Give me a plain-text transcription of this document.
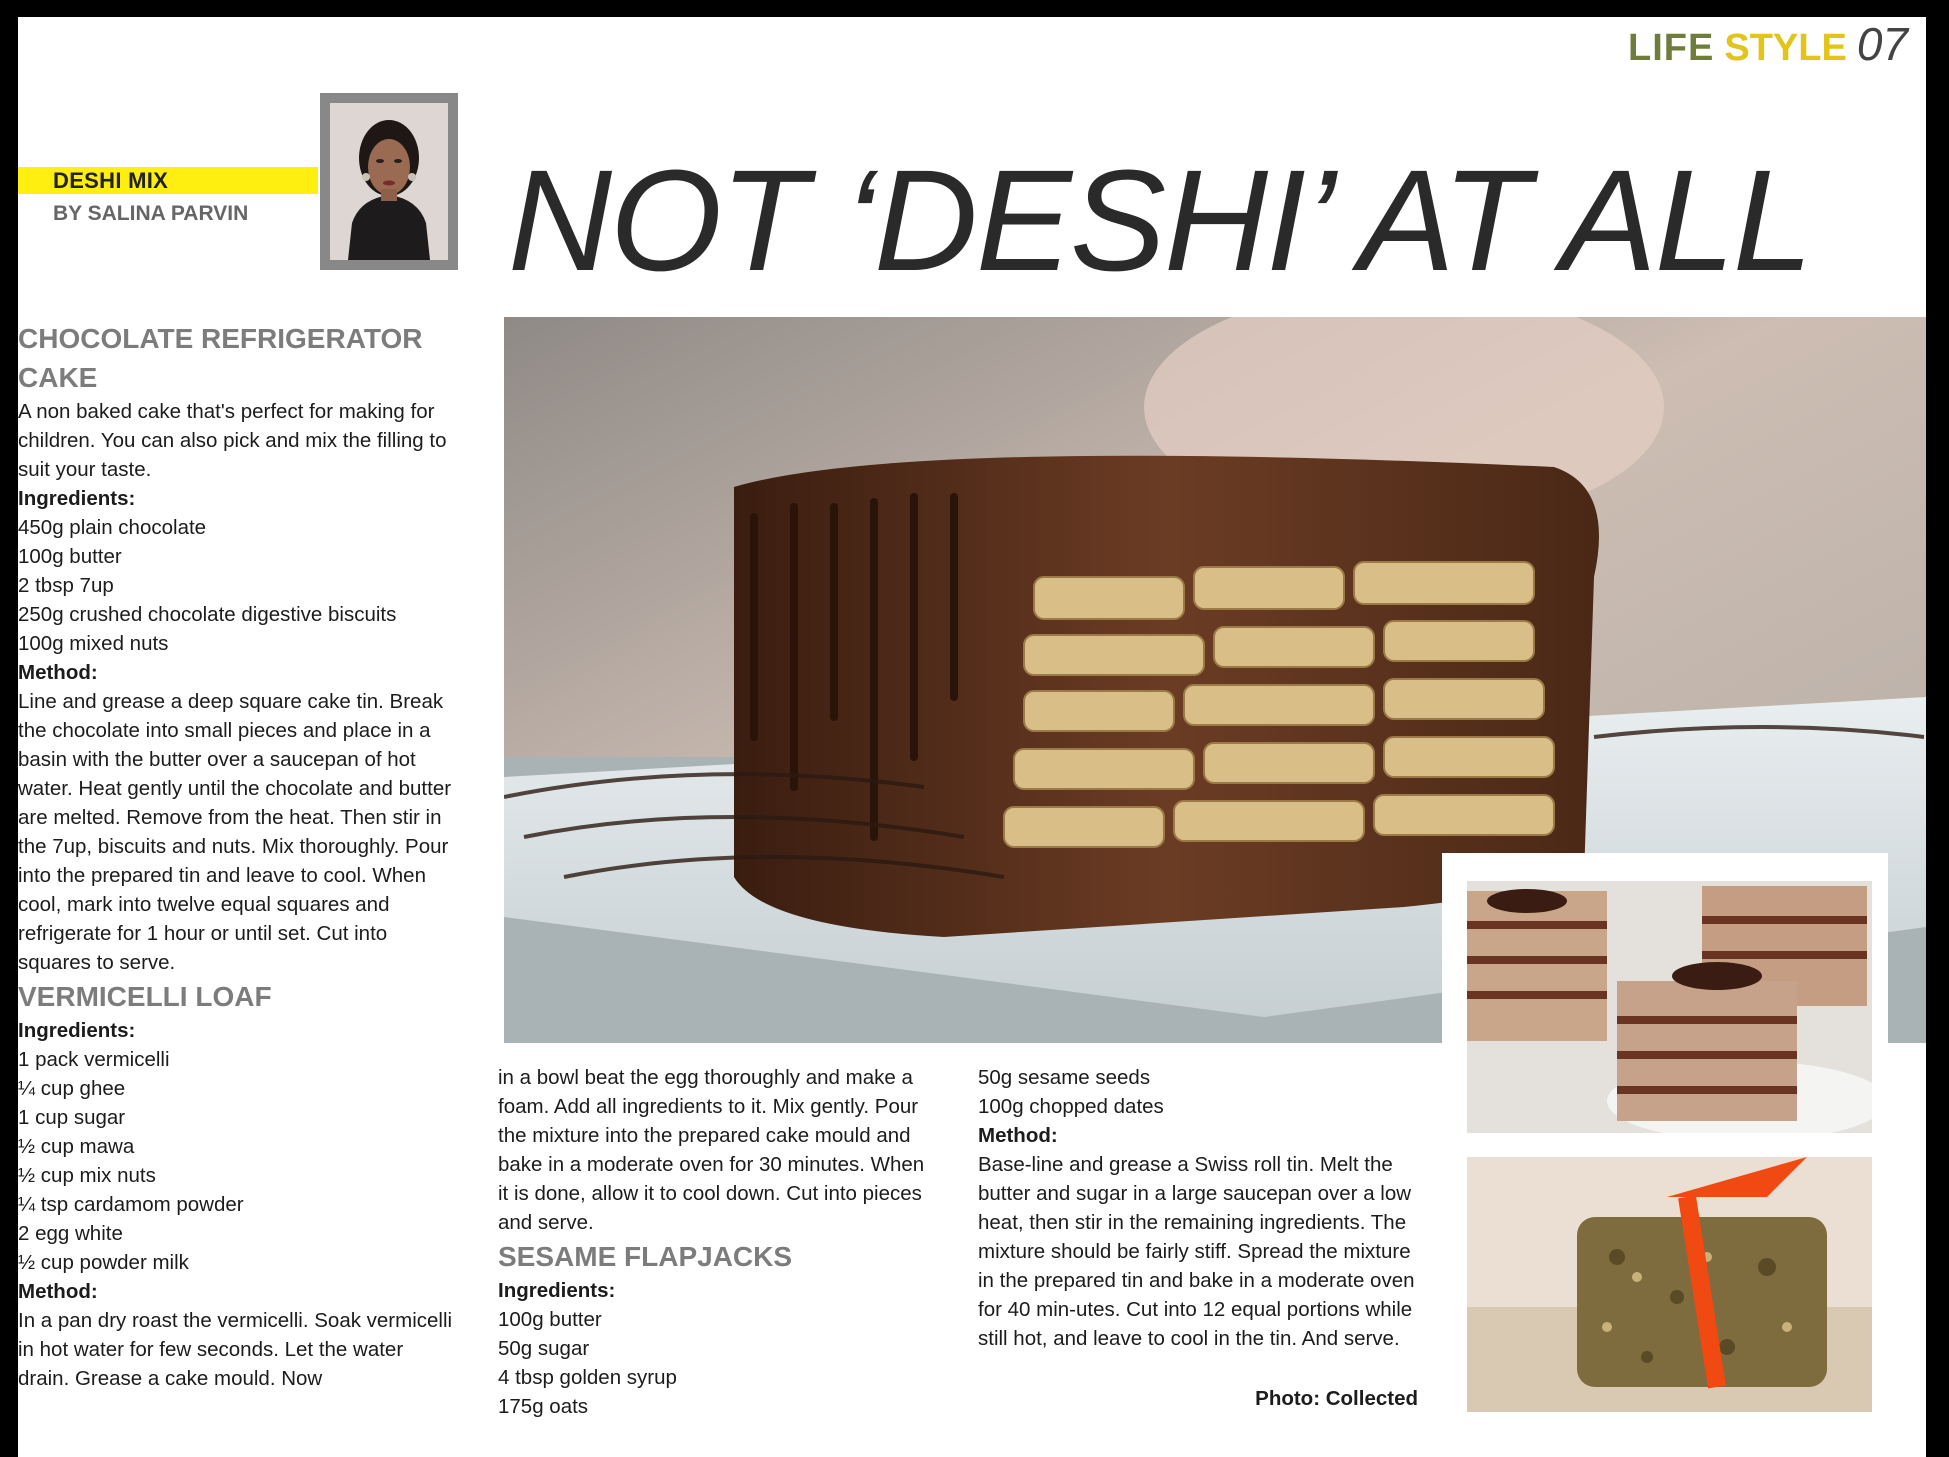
LIFE STYLE 07
DESHI MIX
BY SALINA PARVIN NOT ‘DESHI’ AT ALL

CHOCOLATE REFRIGERATOR CAKE

A non baked cake that's perfect for making for children. You can also pick and mix the filling to suit your taste.

Ingredients:

450g plain chocolate
100g butter
2 tbsp 7up
250g crushed chocolate digestive biscuits
100g mixed nuts

Method:

Line and grease a deep square cake tin. Break the chocolate into small pieces and place in a basin with the butter over a saucepan of hot water. Heat gently until the chocolate and butter are melted. Remove from the heat. Then stir in the 7up, biscuits and nuts. Mix thoroughly. Pour into the prepared tin and leave to cool. When cool, mark into twelve equal squares and refrigerate for 1 hour or until set. Cut into squares to serve.

VERMICELLI LOAF

Ingredients:

1 pack vermicelli
¼ cup ghee
1 cup sugar
½ cup mawa
½ cup mix nuts
¼ tsp cardamom powder
2 egg white
½ cup powder milk

Method:

In a pan dry roast the vermicelli. Soak vermicelli in hot water for few seconds. Let the water drain. Grease a cake mould. Now

in a bowl beat the egg thoroughly and make a foam. Add all ingredients to it. Mix gently. Pour the mixture into the prepared cake mould and bake in a moderate oven for 30 minutes. When it is done, allow it to cool down. Cut into pieces and serve.

SESAME FLAPJACKS

Ingredients:

100g butter
50g sugar
4 tbsp golden syrup
175g oats
50g sesame seeds
100g chopped dates

Method:

Base-line and grease a Swiss roll tin. Melt the butter and sugar in a large saucepan over a low heat, then stir in the remaining ingredients. The mixture should be fairly stiff. Spread the mixture in the prepared tin and bake in a moderate oven for 40 min-utes. Cut into 12 equal portions while still hot, and leave to cool in the tin. And serve.

Photo: Collected
